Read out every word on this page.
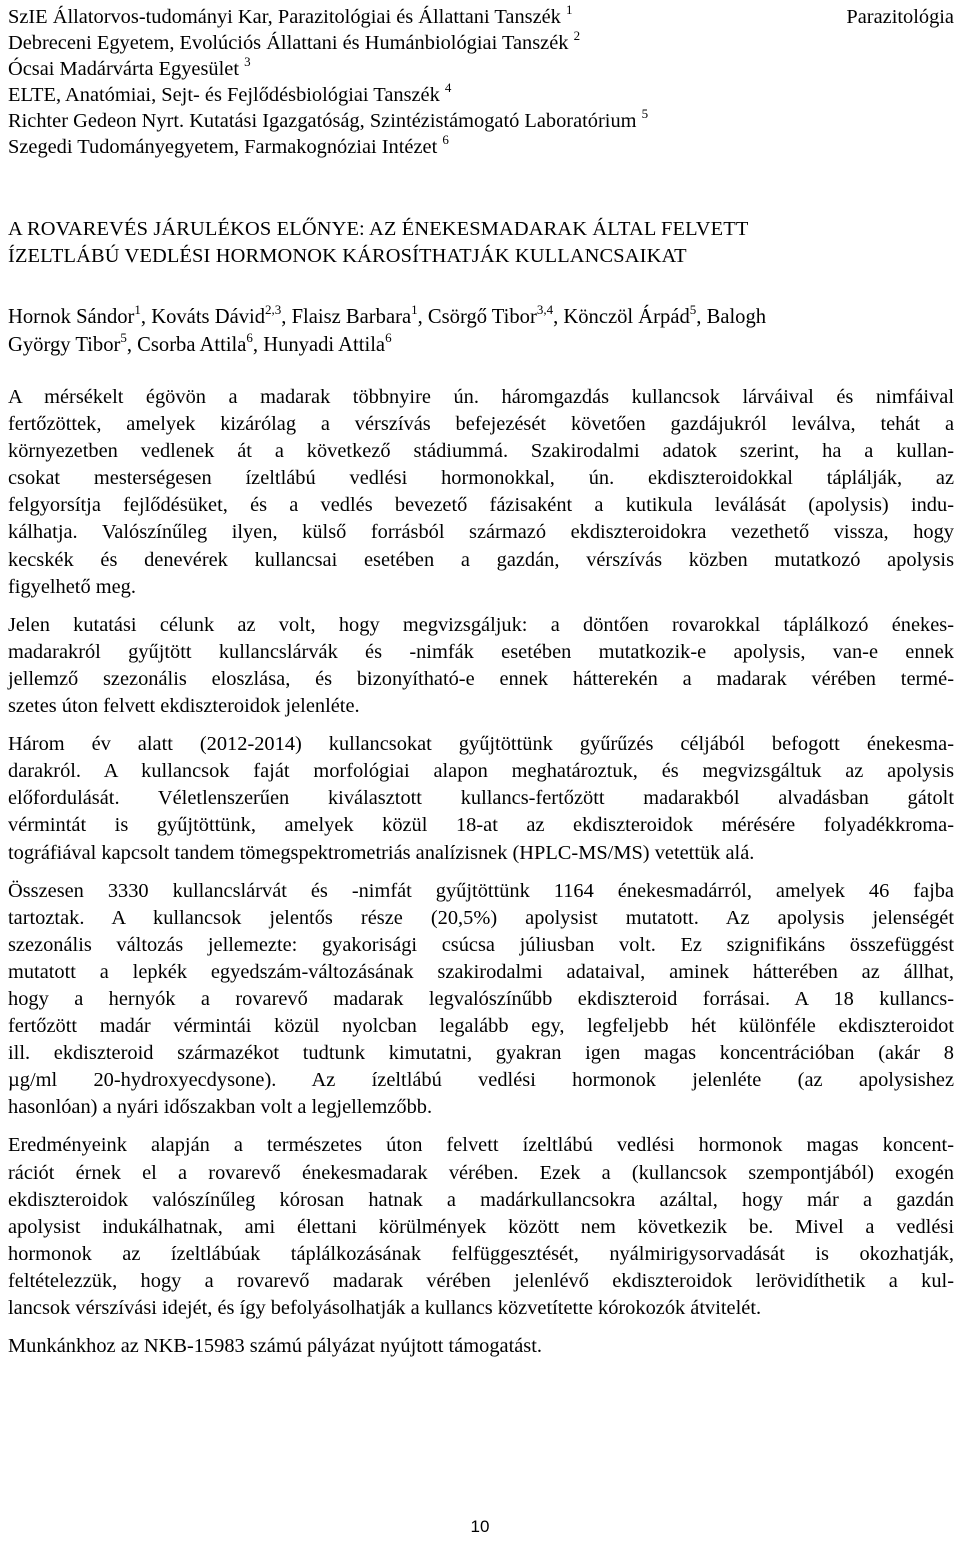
SzIE Állatorvos-tudományi Kar, Parazitológiai és Állattani Tanszék $^1$
Debreceni Egyetem, Evolúciós Állattani és Humánbiológiai Tanszék $^2$
Ócsai Madárvárta Egyesület $^3$
ELTE, Anatómiai, Sejt- és Fejlődésbiológiai Tanszék $^4$
Richter Gedeon Nyrt. Kutatási Igazgatóság, Szintézistámogató Laboratórium $^5$
Szegedi Tudományegyetem, Farmakognóziai Intézet $^6$
Parazitológia
A ROVAREVÉS JÁRULÉKOS ELŐNYE: AZ ÉNEKESMADARAK ÁLTAL FELVETT
ÍZELTLÁBÚ VEDLÉSI HORMONOK KÁROSÍTHATJÁK KULLANCSAIKAT
Hornok Sándor$^1$, Kováts Dávid$^{2,3}$, Flaisz Barbara$^1$, Csörgő Tibor$^{3,4}$, Könczöl Árpád$^5$, Balogh
György Tibor$^5$, Csorba Attila$^6$, Hunyadi Attila$^6$
A mérsékelt égövön a madarak többnyire ún. háromgazdás kullancsok lárváival és nimfáival
fertőzöttek, amelyek kizárólag a vérszívás befejezését követően gazdájukról leválva, tehát a
környezetben vedlenek át a következő stádiummá. Szakirodalmi adatok szerint, ha a kullan-
csokat mesterségesen ízeltlábú vedlési hormonokkal, ún. ekdiszteroidokkal táplálják, az
felgyorsítja fejlődésüket, és a vedlés bevezető fázisaként a kutikula leválását (apolysis) indu-
kálhatja. Valószínűleg ilyen, külső forrásból származó ekdiszteroidokra vezethető vissza, hogy
kecskék és denevérek kullancsai esetében a gazdán, vérszívás közben mutatkozó apolysis
figyelhető meg.
Jelen kutatási célunk az volt, hogy megvizsgáljuk: a döntően rovarokkal táplálkozó énekes-
madarakról gyűjtött kullancslárvák és -nimfák esetében mutatkozik-e apolysis, van-e ennek
jellemző szezonális eloszlása, és bizonyítható-e ennek hátterekén a madarak vérében termé-
szetes úton felvett ekdiszteroidok jelenléte.
Három év alatt (2012-2014) kullancsokat gyűjtöttünk gyűrűzés céljából befogott énekesma-
darakról. A kullancsok faját morfológiai alapon meghatároztuk, és megvizsgáltuk az apolysis
előfordulását. Véletlenszerűen kiválasztott kullancs-fertőzött madarakból alvadásban gátolt
vérmintát is gyűjtöttünk, amelyek közül 18-at az ekdiszteroidok mérésére folyadékkroma-
tográfiával kapcsolt tandem tömegspektrometriás analízisnek (HPLC-MS/MS) vetettük alá.
Összesen 3330 kullancslárvát és -nimfát gyűjtöttünk 1164 énekesmadárról, amelyek 46 fajba
tartoztak. A kullancsok jelentős része (20,5%) apolysist mutatott. Az apolysis jelenségét
szezonális változás jellemezte: gyakorisági csúcsa júliusban volt. Ez szignifikáns összefüggést
mutatott a lepkék egyedszám-változásának szakirodalmi adataival, aminek hátterében az állhat,
hogy a hernyók a rovarevő madarak legvalószínűbb ekdiszteroid forrásai. A 18 kullancs-
fertőzött madár vérmintái közül nyolcban legalább egy, legfeljebb hét különféle ekdiszteroidot
ill. ekdiszteroid származékot tudtunk kimutatni, gyakran igen magas koncentrációban (akár 8
µg/ml 20-hydroxyecdysone). Az ízeltlábú vedlési hormonok jelenléte (az apolysishez
hasonlóan) a nyári időszakban volt a legjellemzőbb.
Eredményeink alapján a természetes úton felvett ízeltlábú vedlési hormonok magas koncent-
rációt érnek el a rovarevő énekesmadarak vérében. Ezek a (kullancsok szempontjából) exogén
ekdiszteroidok valószínűleg kórosan hatnak a madárkullancsokra azáltal, hogy már a gazdán
apolysist indukálhatnak, ami élettani körülmények között nem következik be. Mivel a vedlési
hormonok az ízeltlábúak táplálkozásának felfüggesztését, nyálmirigysorvadását is okozhatják,
feltételezzük, hogy a rovarevő madarak vérében jelenlévő ekdiszteroidok lerövidíthetik a kul-
lancsok vérszívási idejét, és így befolyásolhatják a kullancs közvetítette kórokozók átvitelét.
Munkánkhoz az NKB-15983 számú pályázat nyújtott támogatást.
10
